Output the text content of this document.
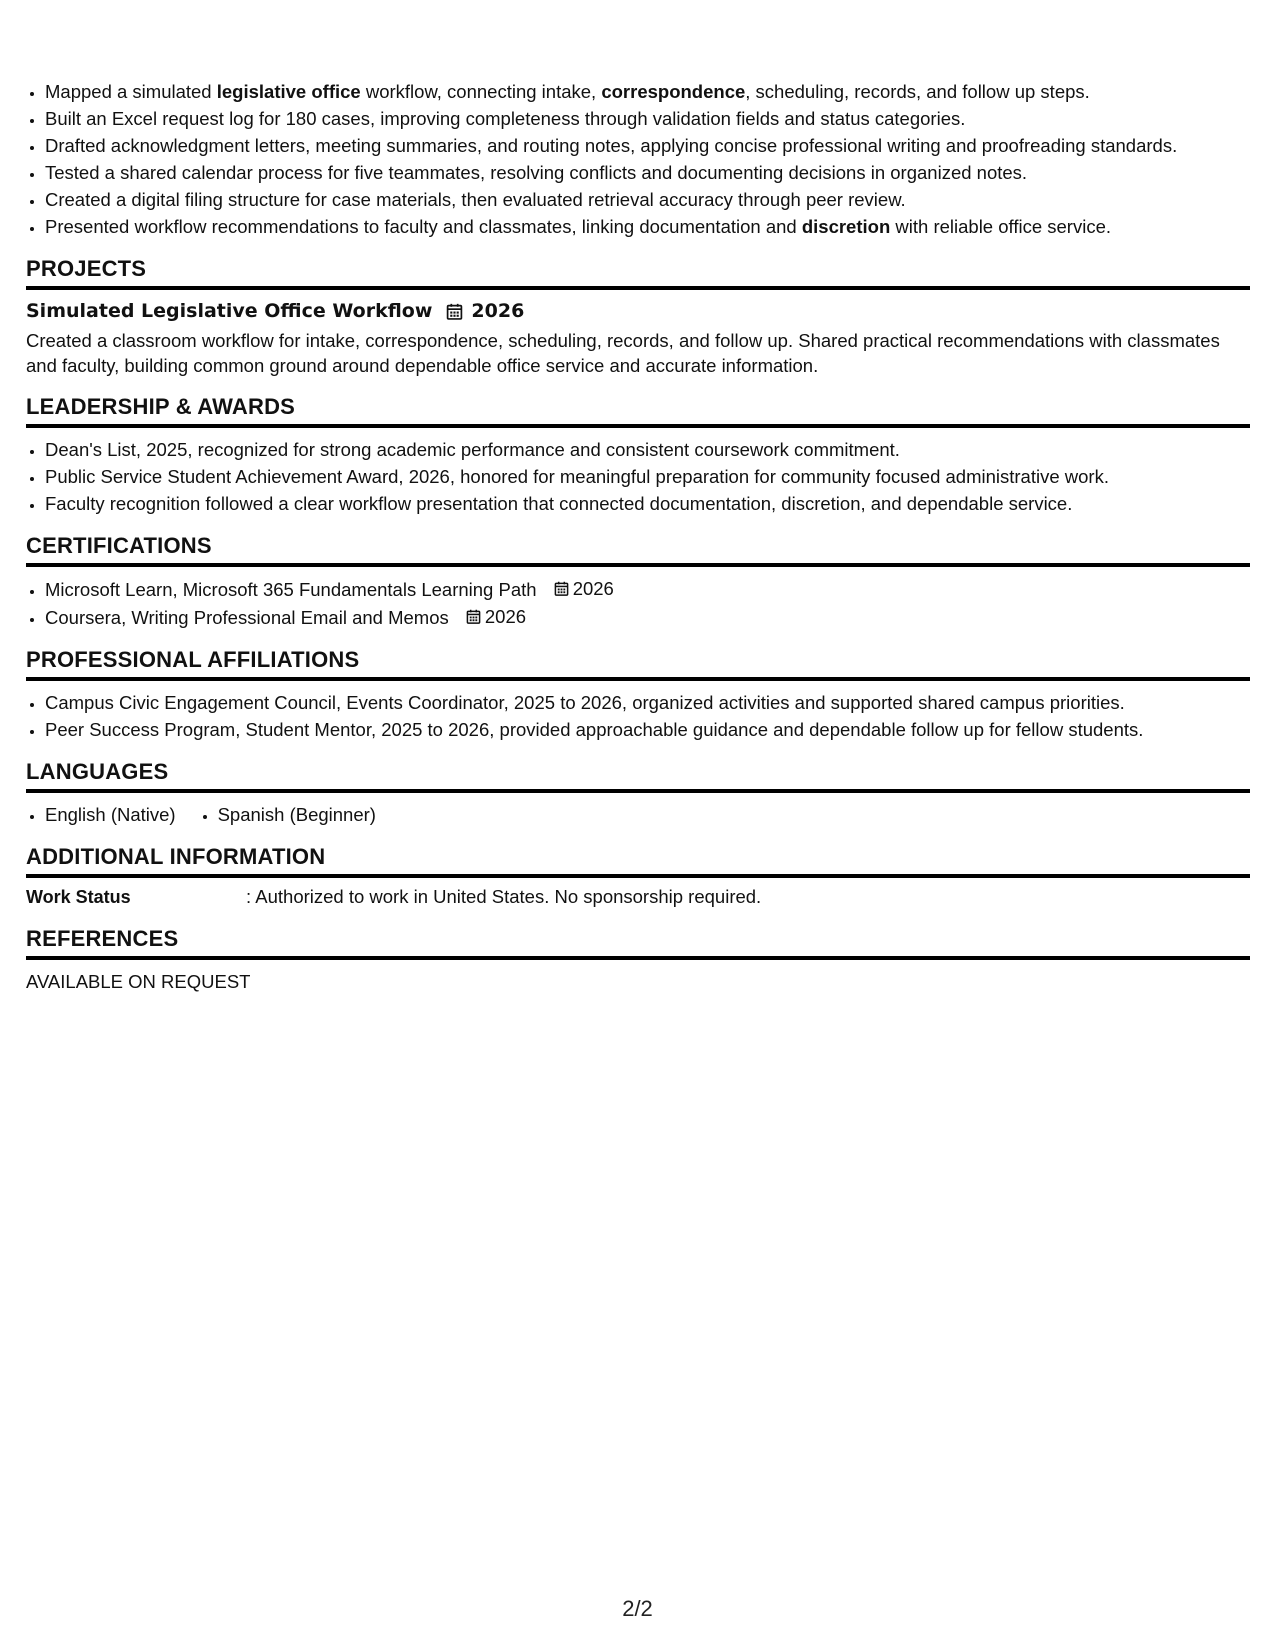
• Mapped a simulated legislative office workflow, connecting intake, correspondence, scheduling, records, and follow up steps.
• Built an Excel request log for 180 cases, improving completeness through validation fields and status categories.
• Drafted acknowledgment letters, meeting summaries, and routing notes, applying concise professional writing and proofreading standards.
• Tested a shared calendar process for five teammates, resolving conflicts and documenting decisions in organized notes.
• Created a digital filing structure for case materials, then evaluated retrieval accuracy through peer review.
• Presented workflow recommendations to faculty and classmates, linking documentation and discretion with reliable office service.
PROJECTS
Simulated Legislative Office Workflow 2026
Created a classroom workflow for intake, correspondence, scheduling, records, and follow up. Shared practical recommendations with classmates and faculty, building common ground around dependable office service and accurate information.
LEADERSHIP & AWARDS
• Dean's List, 2025, recognized for strong academic performance and consistent coursework commitment.
• Public Service Student Achievement Award, 2026, honored for meaningful preparation for community focused administrative work.
• Faculty recognition followed a clear workflow presentation that connected documentation, discretion, and dependable service.
CERTIFICATIONS
• Microsoft Learn, Microsoft 365 Fundamentals Learning Path 2026
• Coursera, Writing Professional Email and Memos 2026
PROFESSIONAL AFFILIATIONS
• Campus Civic Engagement Council, Events Coordinator, 2025 to 2026, organized activities and supported shared campus priorities.
• Peer Success Program, Student Mentor, 2025 to 2026, provided approachable guidance and dependable follow up for fellow students.
LANGUAGES
• English (Native)
• Spanish (Beginner)
ADDITIONAL INFORMATION
Work Status	: Authorized to work in United States. No sponsorship required.
REFERENCES
AVAILABLE ON REQUEST
2/2
